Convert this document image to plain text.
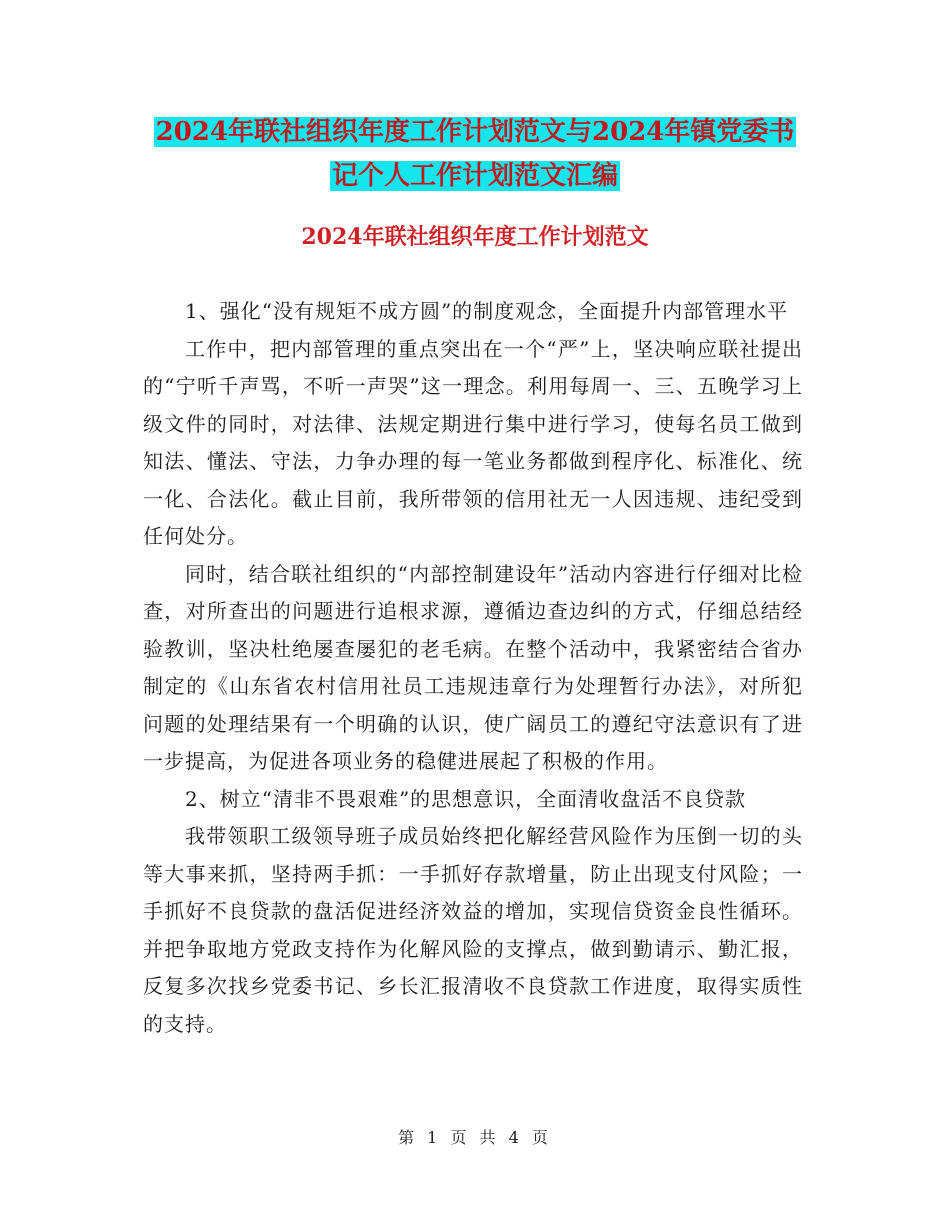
2024年联社组织年度工作计划范文与2024年镇党委书
记个人工作计划范文汇编
2024年联社组织年度工作计划范文

1、强化“没有规矩不成方圆”的制度观念，全面提升内部管理水平

工作中，把内部管理的重点突出在一个“严”上，坚决响应联社提出的“宁听千声骂，不听一声哭”这一理念。利用每周一、三、五晚学习上级文件的同时，对法律、法规定期进行集中进行学习，使每名员工做到知法、懂法、守法，力争办理的每一笔业务都做到程序化、标准化、统一化、合法化。截止目前，我所带领的信用社无一人因违规、违纪受到任何处分。

同时，结合联社组织的“内部控制建设年”活动内容进行仔细对比检查，对所查出的问题进行追根求源，遵循边查边纠的方式，仔细总结经验教训，坚决杜绝屡查屡犯的老毛病。在整个活动中，我紧密结合省办制定的《山东省农村信用社员工违规违章行为处理暂行办法》，对所犯问题的处理结果有一个明确的认识，使广阔员工的遵纪守法意识有了进一步提高，为促进各项业务的稳健进展起了积极的作用。

2、树立“清非不畏艰难”的思想意识，全面清收盘活不良贷款

我带领职工级领导班子成员始终把化解经营风险作为压倒一切的头等大事来抓，坚持两手抓：一手抓好存款增量，防止出现支付风险；一手抓好不良贷款的盘活促进经济效益的增加，实现信贷资金良性循环。并把争取地方党政支持作为化解风险的支撑点，做到勤请示、勤汇报，反复多次找乡党委书记、乡长汇报清收不良贷款工作进度，取得实质性的支持。

第 1 页 共 4 页
